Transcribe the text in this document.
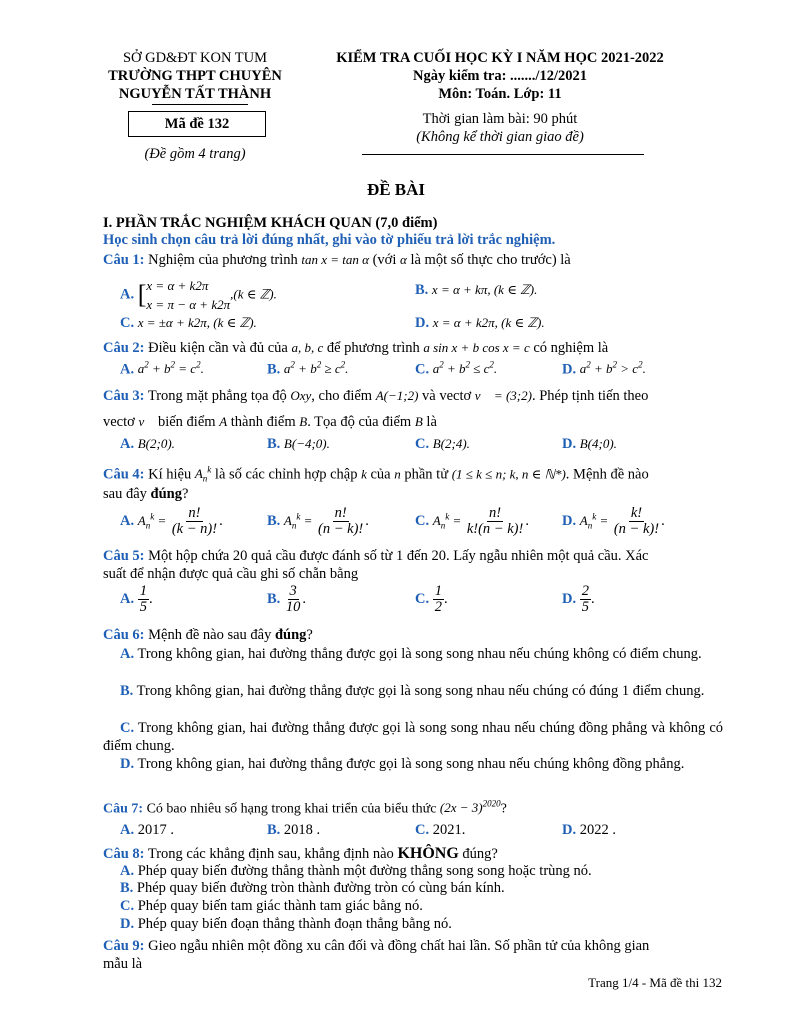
SỞ GD&ĐT KON TUM
TRƯỜNG THPT CHUYÊN
NGUYỄN TẤT THÀNH
Mã đề 132
(Đề gồm 4 trang)
KIỂM TRA CUỐI HỌC KỲ I NĂM HỌC 2021-2022
Ngày kiểm tra: ......./12/2021
Môn: Toán. Lớp: 11
Thời gian làm bài: 90 phút
(Không kể thời gian giao đề)
ĐỀ BÀI
I. PHẦN TRẮC NGHIỆM KHÁCH QUAN (7,0 điểm)
Học sinh chọn câu trả lời đúng nhất, ghi vào tờ phiếu trả lời trắc nghiệm.
Câu 1: Nghiệm của phương trình tan x = tan α (với α là một số thực cho trước) là
A. [x = α + k2π
x = π − α + k2π,(k ∈ ℤ).	B. x = α + kπ, (k ∈ ℤ).
C. x = ±α + k2π, (k ∈ ℤ).	D. x = α + k2π, (k ∈ ℤ).
Câu 2: Điều kiện cần và đủ của a, b, c để phương trình a sin x + b cos x = c có nghiệm là
A. $a^2 + b^2 = c^2$.	B. $a^2 + b^2 \ge c^2$.	C. $a^2 + b^2 \le c^2$.	D. $a^2 + b^2 > c^2$.
Câu 3: Trong mặt phẳng tọa độ Oxy, cho điểm A(−1;2) và vectơ v⃗ = (3;2). Phép tịnh tiến theo
vectơ v⃗ biến điểm A thành điểm B. Tọa độ của điểm B là
A. B(2;0).	B. B(−4;0).	C. B(2;4).	D. B(4;0).
Câu 4: Kí hiệu $A_n^k$ là số các chỉnh hợp chập k của n phần tử (1 ≤ k ≤ n; k, n ∈ ℕ*). Mệnh đề nào
sau đây đúng?
A. $A_n^k = \frac{n!}{(k - n)!}$ .	B. $A_n^k = \frac{n!}{(n - k)!}$ .	C. $A_n^k = \frac{n!}{k!(n - k)!}$ . D. $A_n^k = \frac{k!}{(n - k)!}$ .
Câu 5: Một hộp chứa 20 quả cầu được đánh số từ 1 đến 20. Lấy ngẫu nhiên một quả cầu. Xác
suất để nhận được quả cầu ghi số chẵn bằng
A. $\frac{1}{5}$ .	B. $\frac{3}{10}$ .	C. $\frac{1}{2}$ .	D. $\frac{2}{5}$ .
Câu 6: Mệnh đề nào sau đây đúng?
A. Trong không gian, hai đường thẳng được gọi là song song nhau nếu chúng không có điểm chung.
B. Trong không gian, hai đường thẳng được gọi là song song nhau nếu chúng có đúng 1 điểm chung.
C. Trong không gian, hai đường thẳng được gọi là song song nhau nếu chúng đồng phẳng và không có điểm chung.
D. Trong không gian, hai đường thẳng được gọi là song song nhau nếu chúng không đồng phẳng.
Câu 7: Có bao nhiêu số hạng trong khai triển của biểu thức $(2x - 3)^{2020}$?
A. 2017 .	B. 2018 .	C. 2021.	D. 2022 .
Câu 8: Trong các khẳng định sau, khẳng định nào KHÔNG đúng?
A. Phép quay biến đường thẳng thành một đường thẳng song song hoặc trùng nó.
B. Phép quay biến đường tròn thành đường tròn có cùng bán kính.
C. Phép quay biến tam giác thành tam giác bằng nó.
D. Phép quay biến đoạn thẳng thành đoạn thẳng bằng nó.
Câu 9: Gieo ngẫu nhiên một đồng xu cân đối và đồng chất hai lần. Số phần tử của không gian
mẫu là
Trang 1/4 - Mã đề thi 132
